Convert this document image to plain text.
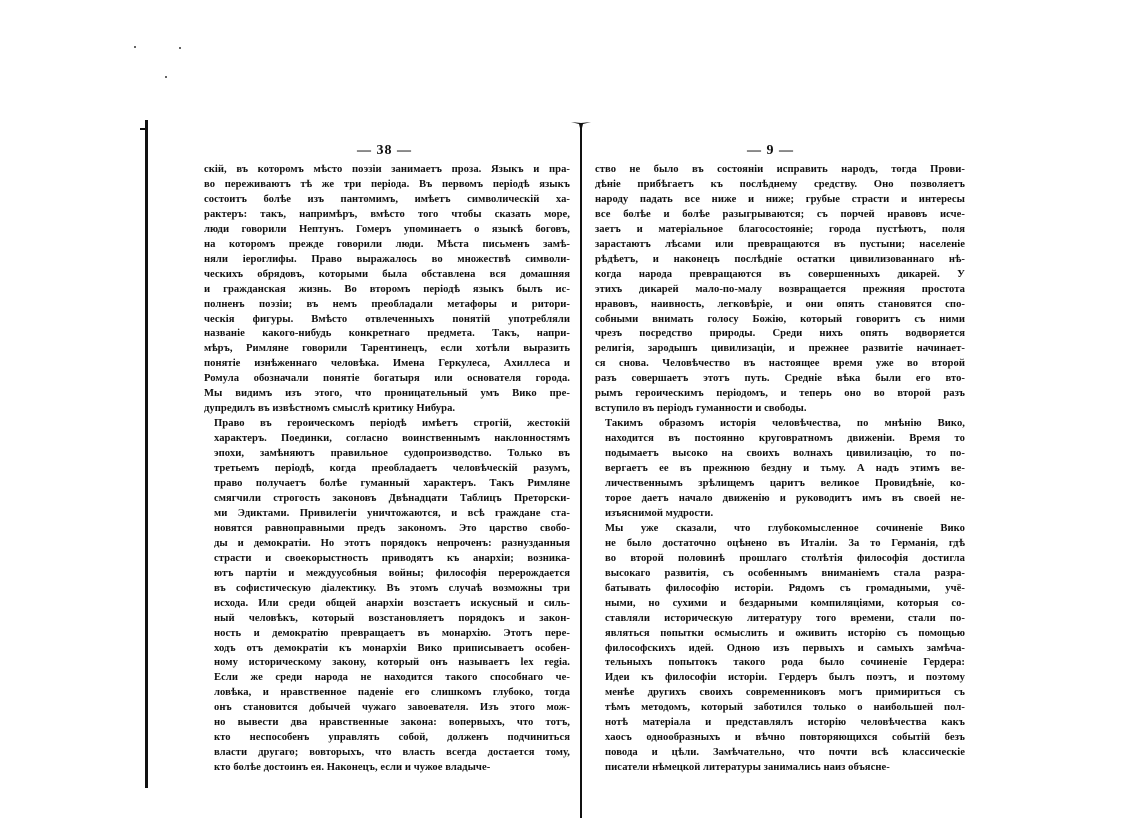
— 38 —
скій, въ которомъ мѣсто поэзіи занимаетъ проза. Языкъ и пра-
во переживаютъ тѣ же три періода. Въ первомъ періодѣ языкъ
состоитъ болѣе изъ пантомимъ, имѣетъ символическій ха-
рактеръ: такъ, напримѣръ, вмѣсто того чтобы сказать море,
люди говорили Нептунъ. Гомеръ упоминаетъ о языкѣ боговъ,
на которомъ прежде говорили люди. Мѣста письменъ замѣ-
няли іероглифы. Право выражалось во множествѣ символи-
ческихъ обрядовъ, которыми была обставлена вся домашняя
и гражданская жизнь. Во второмъ періодѣ языкъ былъ ис-
полненъ поэзіи; въ немъ преобладали метафоры и ритори-
ческія фигуры. Вмѣсто отвлеченныхъ понятій употребляли
названіе какого-нибудь конкретнаго предмета. Такъ, напри-
мѣръ, Римляне говорили Тарентинецъ, если хотѣли выразить
понятіе изнѣженнаго человѣка. Имена Геркулеса, Ахиллеса и
Ромула обозначали понятіе богатыря или основателя города.
Мы видимъ изъ этого, что проницательный умъ Вико пре-
дупредилъ въ извѣстномъ смыслѣ критику Нибура.
Право въ героическомъ періодѣ имѣетъ строгій, жестокій
характеръ. Поединки, согласно воинственнымъ наклонностямъ
эпохи, замѣняютъ правильное судопроизводство. Только въ
третьемъ періодѣ, когда преобладаетъ человѣческій разумъ,
право получаетъ болѣе гуманный характеръ. Такъ Римляне
смягчили строгость законовъ Двѣнадцати Таблицъ Преторски-
ми Эдиктами. Привилегіи уничтожаются, и всѣ граждане ста-
новятся равноправными предъ закономъ. Это царство свобо-
ды и демократіи. Но этотъ порядокъ непроченъ: разнузданныя
страсти и своекорыстность приводятъ къ анархіи; возника-
ютъ партіи и междуусобныя войны; философія перерождается
въ софистическую діалектику. Въ этомъ случаѣ возможны три
исхода. Или среди общей анархіи возстаетъ искусный и силь-
ный человѣкъ, который возстановляетъ порядокъ и закон-
ность и демократію превращаетъ въ монархію. Этотъ пере-
ходъ отъ демократіи къ монархіи Вико приписываетъ особен-
ному историческому закону, который онъ называетъ lex regia.
Если же среди народа не находится такого способнаго че-
ловѣка, и нравственное паденіе его слишкомъ глубоко, тогда
онъ становится добычей чужаго завоевателя. Изъ этого мож-
но вывести два нравственные закона: вопервыхъ, что тотъ,
кто неспособенъ управлять собой, долженъ подчиниться
власти другаго; вовторыхъ, что власть всегда достается тому,
кто болѣе достоинъ ея. Наконецъ, если и чужое владыче-
— 9 —
ство не было въ состояніи исправить народъ, тогда Прови-
дѣніе прибѣгаетъ къ послѣднему средству. Оно позволяетъ
народу падать все ниже и ниже; грубые страсти и интересы
все болѣе и болѣе разыгрываются; съ порчей нравовъ исче-
заетъ и матеріальное благосостояніе; города пустѣютъ, поля
зарастаютъ лѣсами или превращаются въ пустыни; населеніе
рѣдѣетъ, и наконецъ послѣдніе остатки цивилизованнаго нѣ-
когда народа превращаются въ совершенныхъ дикарей. У
этихъ дикарей мало-по-малу возвращается прежняя простота
нравовъ, наивность, легковѣріе, и они опять становятся спо-
собными внимать голосу Божію, который говоритъ съ ними
чрезъ посредство природы. Среди нихъ опять водворяется
религія, зародышъ цивилизаціи, и прежнее развитіе начинает-
ся снова. Человѣчество въ настоящее время уже во второй
разъ совершаетъ этотъ путь. Средніе вѣка были его вто-
рымъ героическимъ періодомъ, и теперь оно во второй разъ
вступило въ періодъ гуманности и свободы.
Такимъ образомъ исторія человѣчества, по мнѣнію Вико,
находится въ постоянно круговратномъ движеніи. Время то
подымаетъ высоко на своихъ волнахъ цивилизацію, то по-
вергаетъ ее въ прежнюю бездну и тьму. А надъ этимъ ве-
личественнымъ зрѣлищемъ царитъ великое Провидѣніе, ко-
торое даетъ начало движенію и руководитъ имъ въ своей не-
изъяснимой мудрости.
Мы уже сказали, что глубокомысленное сочиненіе Вико
не было достаточно оцѣнено въ Италіи. За то Германія, гдѣ
во второй половинѣ прошлаго столѣтія философія достигла
высокаго развитія, съ особеннымъ вниманіемъ стала разра-
батывать философію исторіи. Рядомъ съ громадными, учё-
ными, но сухими и бездарными компиляціями, которыя со-
ставляли историческую литературу того времени, стали по-
являться попытки осмыслить и оживить исторію съ помощью
философскихъ идей. Одною изъ первыхъ и самыхъ замѣча-
тельныхъ попытокъ такого рода было сочиненіе Гердера:
Идеи къ философіи исторіи. Гердеръ былъ поэтъ, и поэтому
менѣе другихъ своихъ современниковъ могъ примириться съ
тѣмъ методомъ, который заботился только о наибольшей пол-
нотѣ матеріала и представлялъ исторію человѣчества какъ
хаосъ однообразныхъ и вѣчно повторяющихся событій безъ
повода и цѣли. Замѣчательно, что почти всѣ классическіе
писатели нѣмецкой литературы занимались наиз объясне-
